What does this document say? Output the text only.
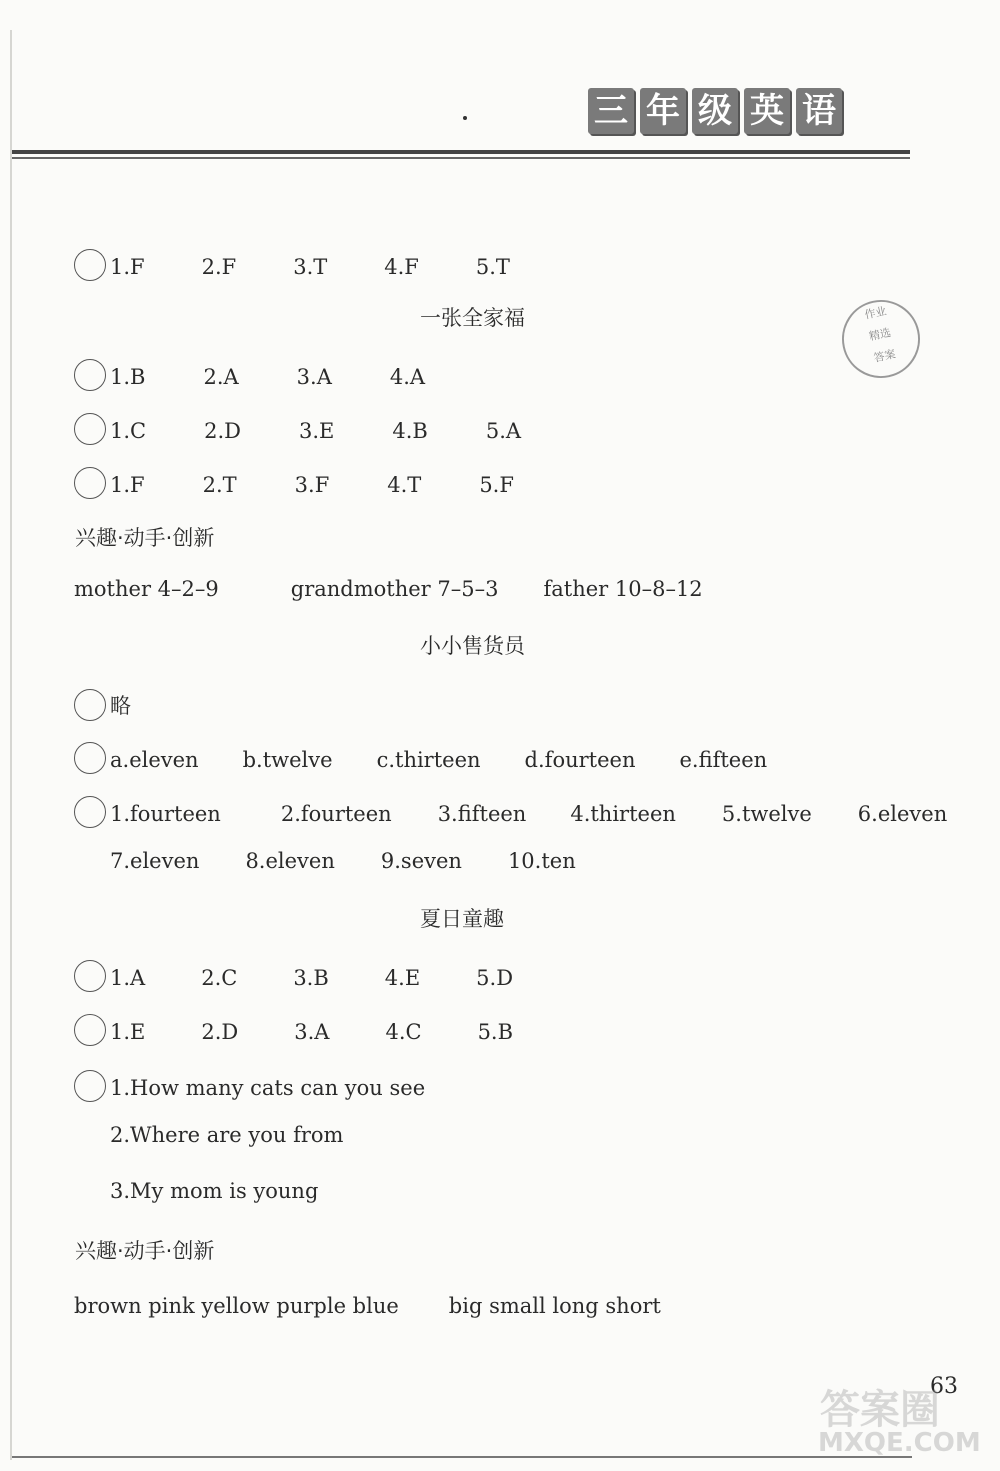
三 年 级 英 语
作业
精选
答案
1.F	2.F	3.T	4.F	5.T
一张全家福
1.B	2.A	3.A	4.A
1.C	2.D	3.E	4.B	5.A
1.F	2.T	3.F	4.T	5.F
兴趣·动手·创新
mother 4–2–9	grandmother 7–5–3 father 10–8–12
小小售货员
略
a.eleven b.twelve c.thirteen d.fourteen e.fifteen
1.fourteen	2.fourteen 3.fifteen 4.thirteen 5.twelve 6.eleven
7.eleven 8.eleven 9.seven 10.ten
夏日童趣
1.A	2.C	3.B	4.E	5.D
1.E	2.D	3.A	4.C	5.B
1.How many cats can you see
2.Where are you from
3.My mom is young
兴趣·动手·创新
brown pink yellow purple blue big small long short
63
答案圈
MXQE.COM
